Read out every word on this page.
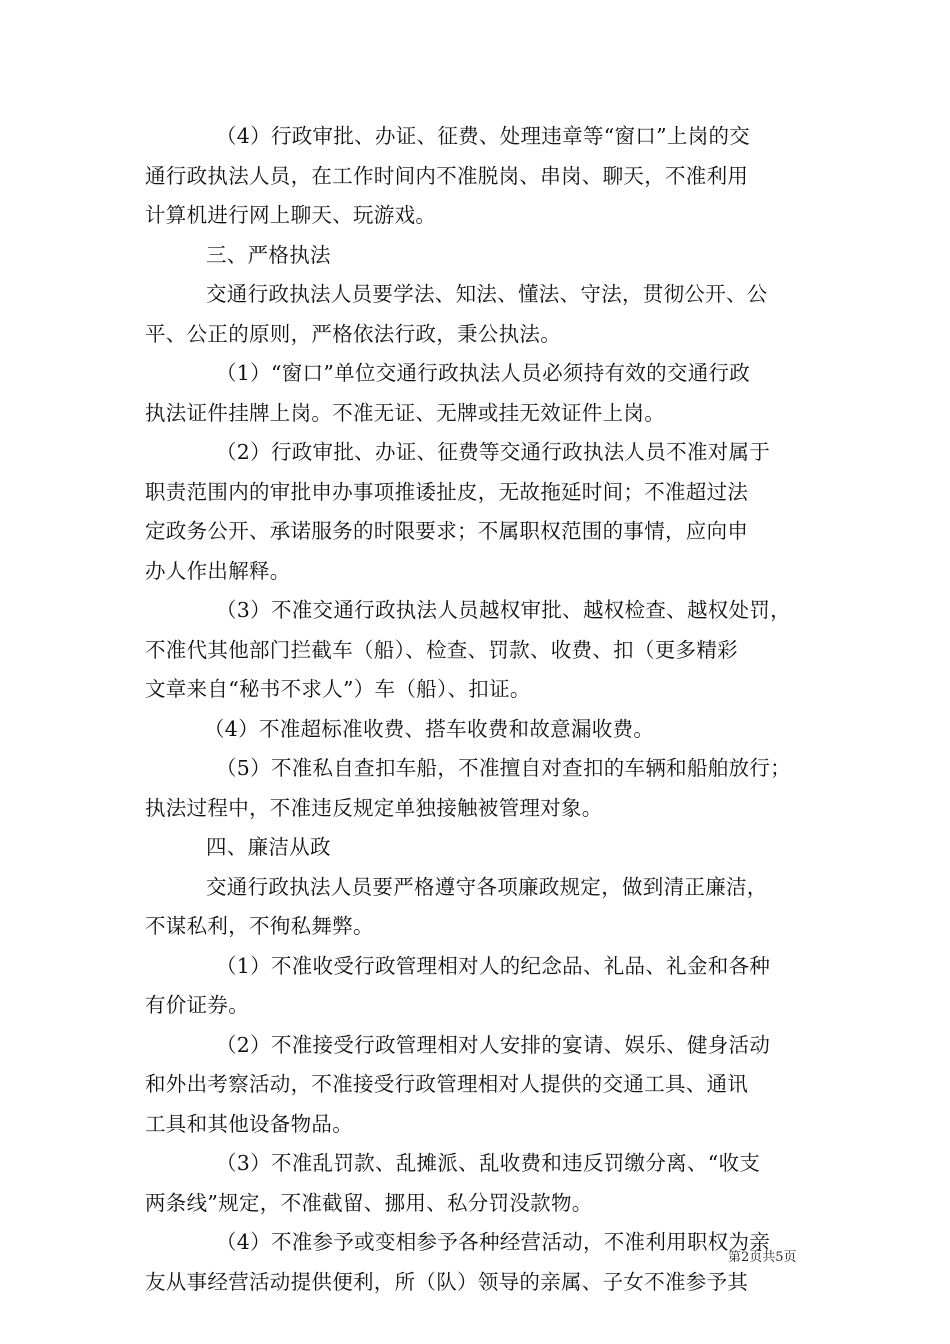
（4）行政审批、办证、征费、处理违章等“窗口”上岗的交
通行政执法人员，在工作时间内不准脱岗、串岗、聊天，不准利用
计算机进行网上聊天、玩游戏。
三、严格执法
交通行政执法人员要学法、知法、懂法、守法，贯彻公开、公
平、公正的原则，严格依法行政，秉公执法。
（1）“窗口”单位交通行政执法人员必须持有效的交通行政
执法证件挂牌上岗。不准无证、无牌或挂无效证件上岗。
（2）行政审批、办证、征费等交通行政执法人员不准对属于
职责范围内的审批申办事项推诿扯皮，无故拖延时间；不准超过法
定政务公开、承诺服务的时限要求；不属职权范围的事情，应向申
办人作出解释。
（3）不准交通行政执法人员越权审批、越权检查、越权处罚，
不准代其他部门拦截车（船）、检查、罚款、收费、扣（更多精彩
文章来自“秘书不求人”）车（船）、扣证。
（4）不准超标准收费、搭车收费和故意漏收费。
（5）不准私自查扣车船，不准擅自对查扣的车辆和船舶放行；
执法过程中，不准违反规定单独接触被管理对象。
四、廉洁从政
交通行政执法人员要严格遵守各项廉政规定，做到清正廉洁，
不谋私利，不徇私舞弊。
（1）不准收受行政管理相对人的纪念品、礼品、礼金和各种
有价证券。
（2）不准接受行政管理相对人安排的宴请、娱乐、健身活动
和外出考察活动，不准接受行政管理相对人提供的交通工具、通讯
工具和其他设备物品。
（3）不准乱罚款、乱摊派、乱收费和违反罚缴分离、“收支
两条线”规定，不准截留、挪用、私分罚没款物。
（4）不准参予或变相参予各种经营活动，不准利用职权为亲
友从事经营活动提供便利，所（队）领导的亲属、子女不准参予其
第2页共5页
